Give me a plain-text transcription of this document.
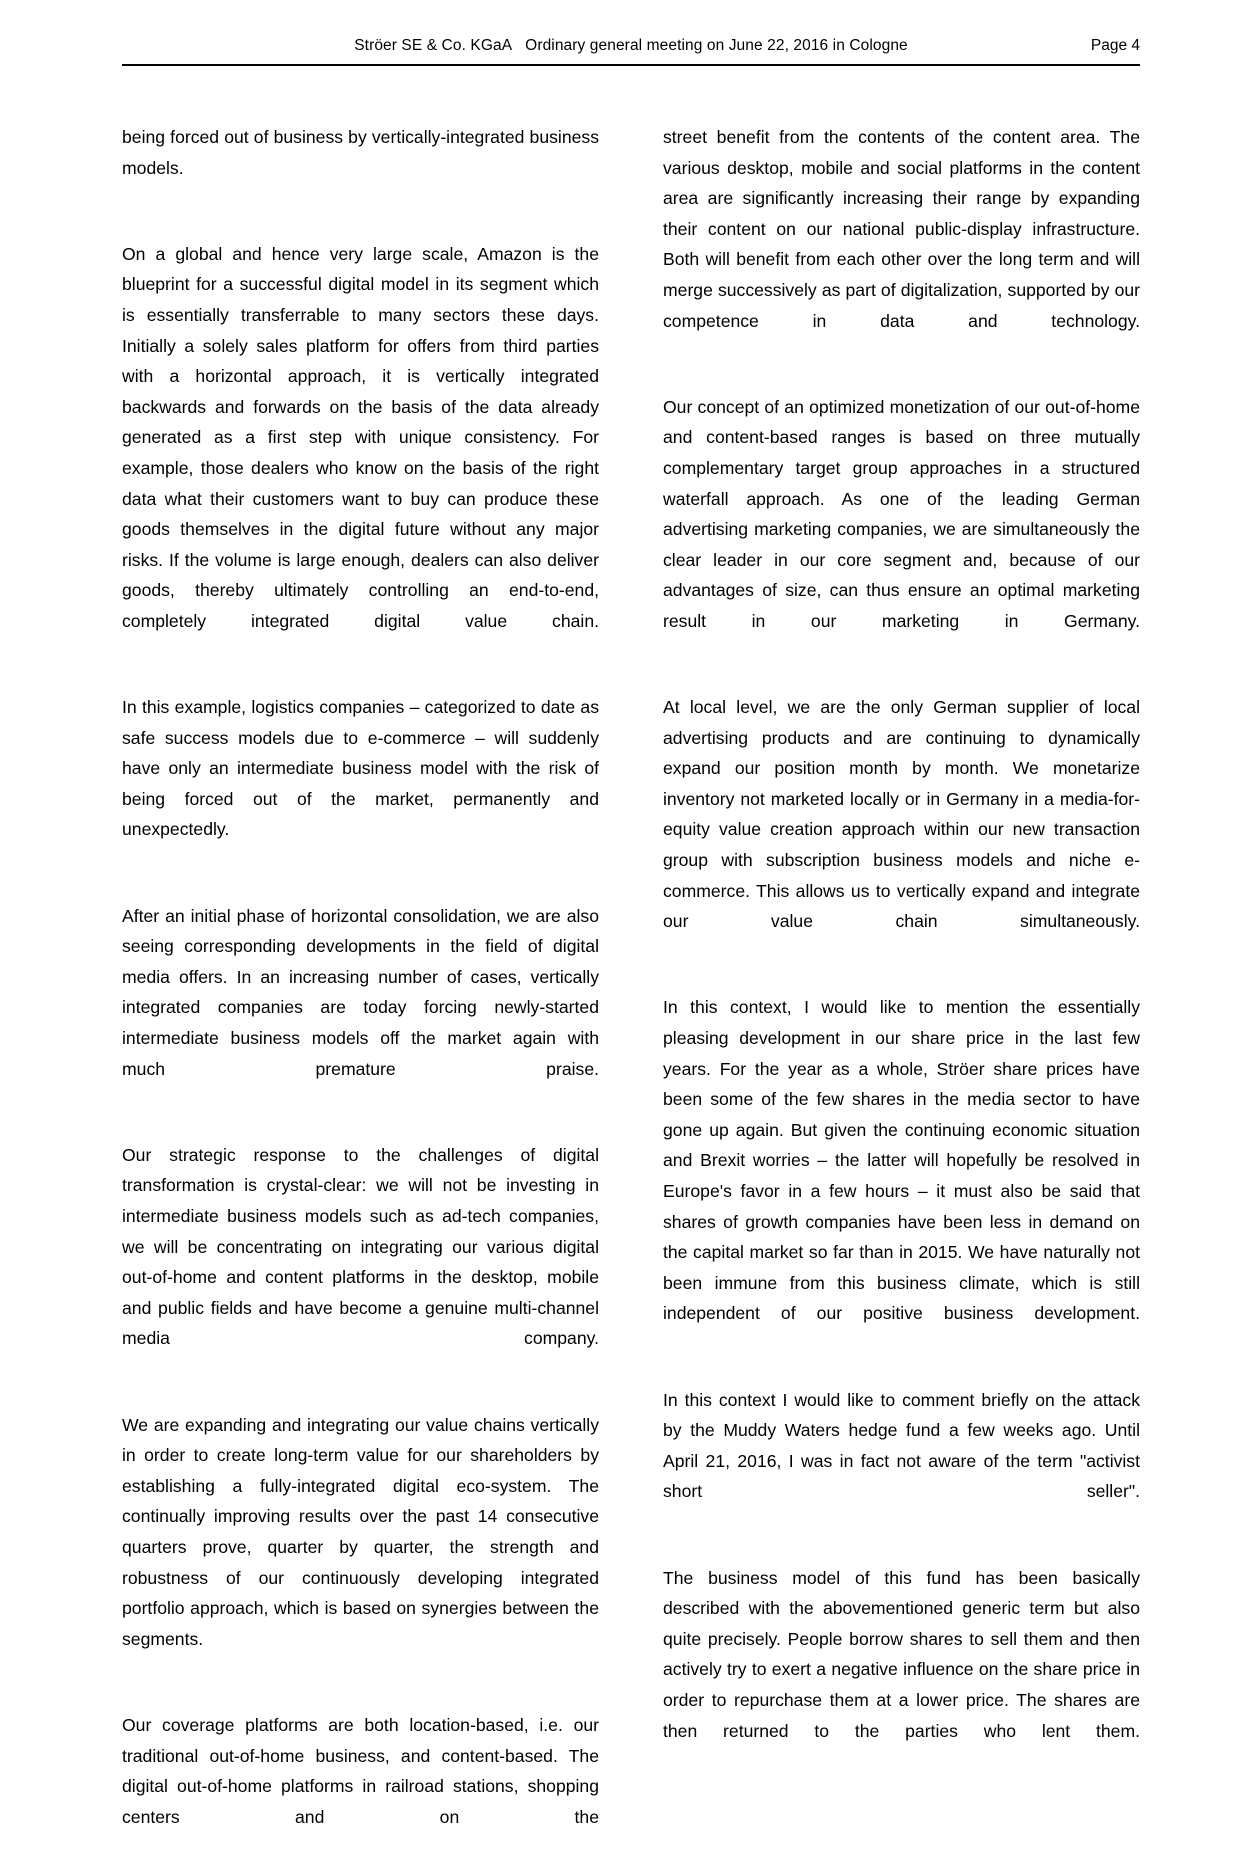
Ströer SE & Co. KGaA Ordinary general meeting on June 22, 2016 in Cologne	Page 4

being forced out of business by vertically-integrated business models.

On a global and hence very large scale, Amazon is the blueprint for a successful digital model in its segment which is essentially transferrable to many sectors these days. Initially a solely sales platform for offers from third parties with a horizontal approach, it is vertically integrated backwards and forwards on the basis of the data already generated as a first step with unique consistency. For example, those dealers who know on the basis of the right data what their customers want to buy can produce these goods themselves in the digital future without any major risks. If the volume is large enough, dealers can also deliver goods, thereby ultimately controlling an end-to-end, completely integrated digital value chain.

In this example, logistics companies – categorized to date as safe success models due to e-commerce – will suddenly have only an intermediate business model with the risk of being forced out of the market, permanently and unexpectedly.

After an initial phase of horizontal consolidation, we are also seeing corresponding developments in the field of digital media offers. In an increasing number of cases, vertically integrated companies are today forcing newly-started intermediate business models off the market again with much premature praise.

Our strategic response to the challenges of digital transformation is crystal-clear: we will not be investing in intermediate business models such as ad-tech companies, we will be concentrating on integrating our various digital out-of-home and content platforms in the desktop, mobile and public fields and have become a genuine multi-channel media company.

We are expanding and integrating our value chains vertically in order to create long-term value for our shareholders by establishing a fully-integrated digital eco-system. The continually improving results over the past 14 consecutive quarters prove, quarter by quarter, the strength and robustness of our continuously developing integrated portfolio approach, which is based on synergies between the segments.

Our coverage platforms are both location-based, i.e. our traditional out-of-home business, and content-based. The digital out-of-home platforms in railroad stations, shopping centers and on the

street benefit from the contents of the content area. The various desktop, mobile and social platforms in the content area are significantly increasing their range by expanding their content on our national public-display infrastructure. Both will benefit from each other over the long term and will merge successively as part of digitalization, supported by our competence in data and technology.

Our concept of an optimized monetization of our out-of-home and content-based ranges is based on three mutually complementary target group approaches in a structured waterfall approach. As one of the leading German advertising marketing companies, we are simultaneously the clear leader in our core segment and, because of our advantages of size, can thus ensure an optimal marketing result in our marketing in Germany.

At local level, we are the only German supplier of local advertising products and are continuing to dynamically expand our position month by month. We monetarize inventory not marketed locally or in Germany in a media-for-equity value creation approach within our new transaction group with subscription business models and niche e-commerce. This allows us to vertically expand and integrate our value chain simultaneously.

In this context, I would like to mention the essentially pleasing development in our share price in the last few years. For the year as a whole, Ströer share prices have been some of the few shares in the media sector to have gone up again. But given the continuing economic situation and Brexit worries – the latter will hopefully be resolved in Europe's favor in a few hours – it must also be said that shares of growth companies have been less in demand on the capital market so far than in 2015. We have naturally not been immune from this business climate, which is still independent of our positive business development.

In this context I would like to comment briefly on the attack by the Muddy Waters hedge fund a few weeks ago. Until April 21, 2016, I was in fact not aware of the term "activist short seller".

The business model of this fund has been basically described with the abovementioned generic term but also quite precisely. People borrow shares to sell them and then actively try to exert a negative influence on the share price in order to repurchase them at a lower price. The shares are then returned to the parties who lent them.
